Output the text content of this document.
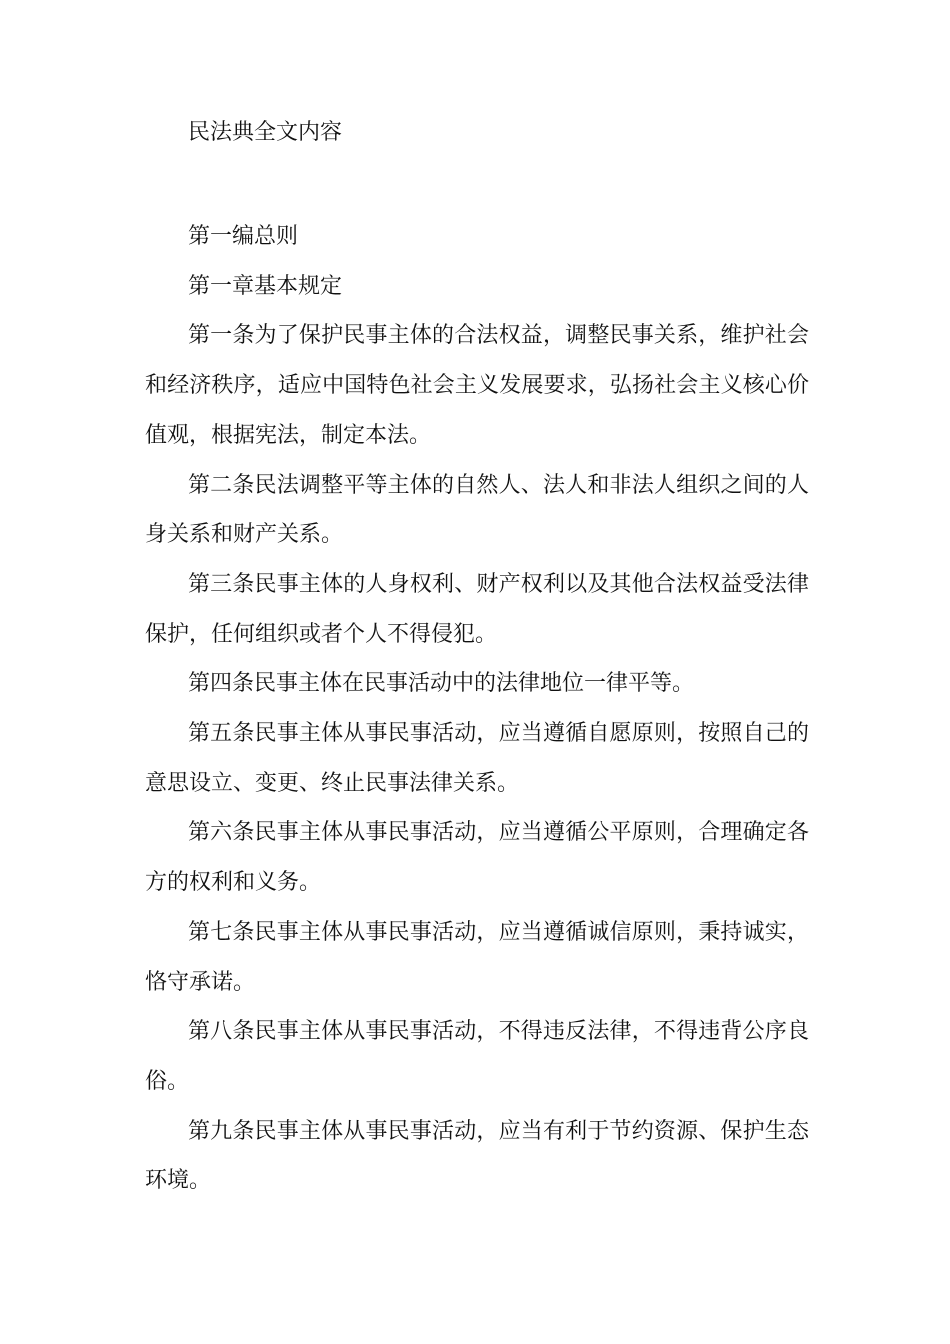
民法典全文内容

第一编总则

第一章基本规定

第一条为了保护民事主体的合法权益，调整民事关系，维护社会和经济秩序，适应中国特色社会主义发展要求，弘扬社会主义核心价值观，根据宪法，制定本法。

第二条民法调整平等主体的自然人、法人和非法人组织之间的人身关系和财产关系。

第三条民事主体的人身权利、财产权利以及其他合法权益受法律保护，任何组织或者个人不得侵犯。

第四条民事主体在民事活动中的法律地位一律平等。

第五条民事主体从事民事活动，应当遵循自愿原则，按照自己的意思设立、变更、终止民事法律关系。

第六条民事主体从事民事活动，应当遵循公平原则，合理确定各方的权利和义务。

第七条民事主体从事民事活动，应当遵循诚信原则，秉持诚实，恪守承诺。

第八条民事主体从事民事活动，不得违反法律，不得违背公序良俗。

第九条民事主体从事民事活动，应当有利于节约资源、保护生态环境。
